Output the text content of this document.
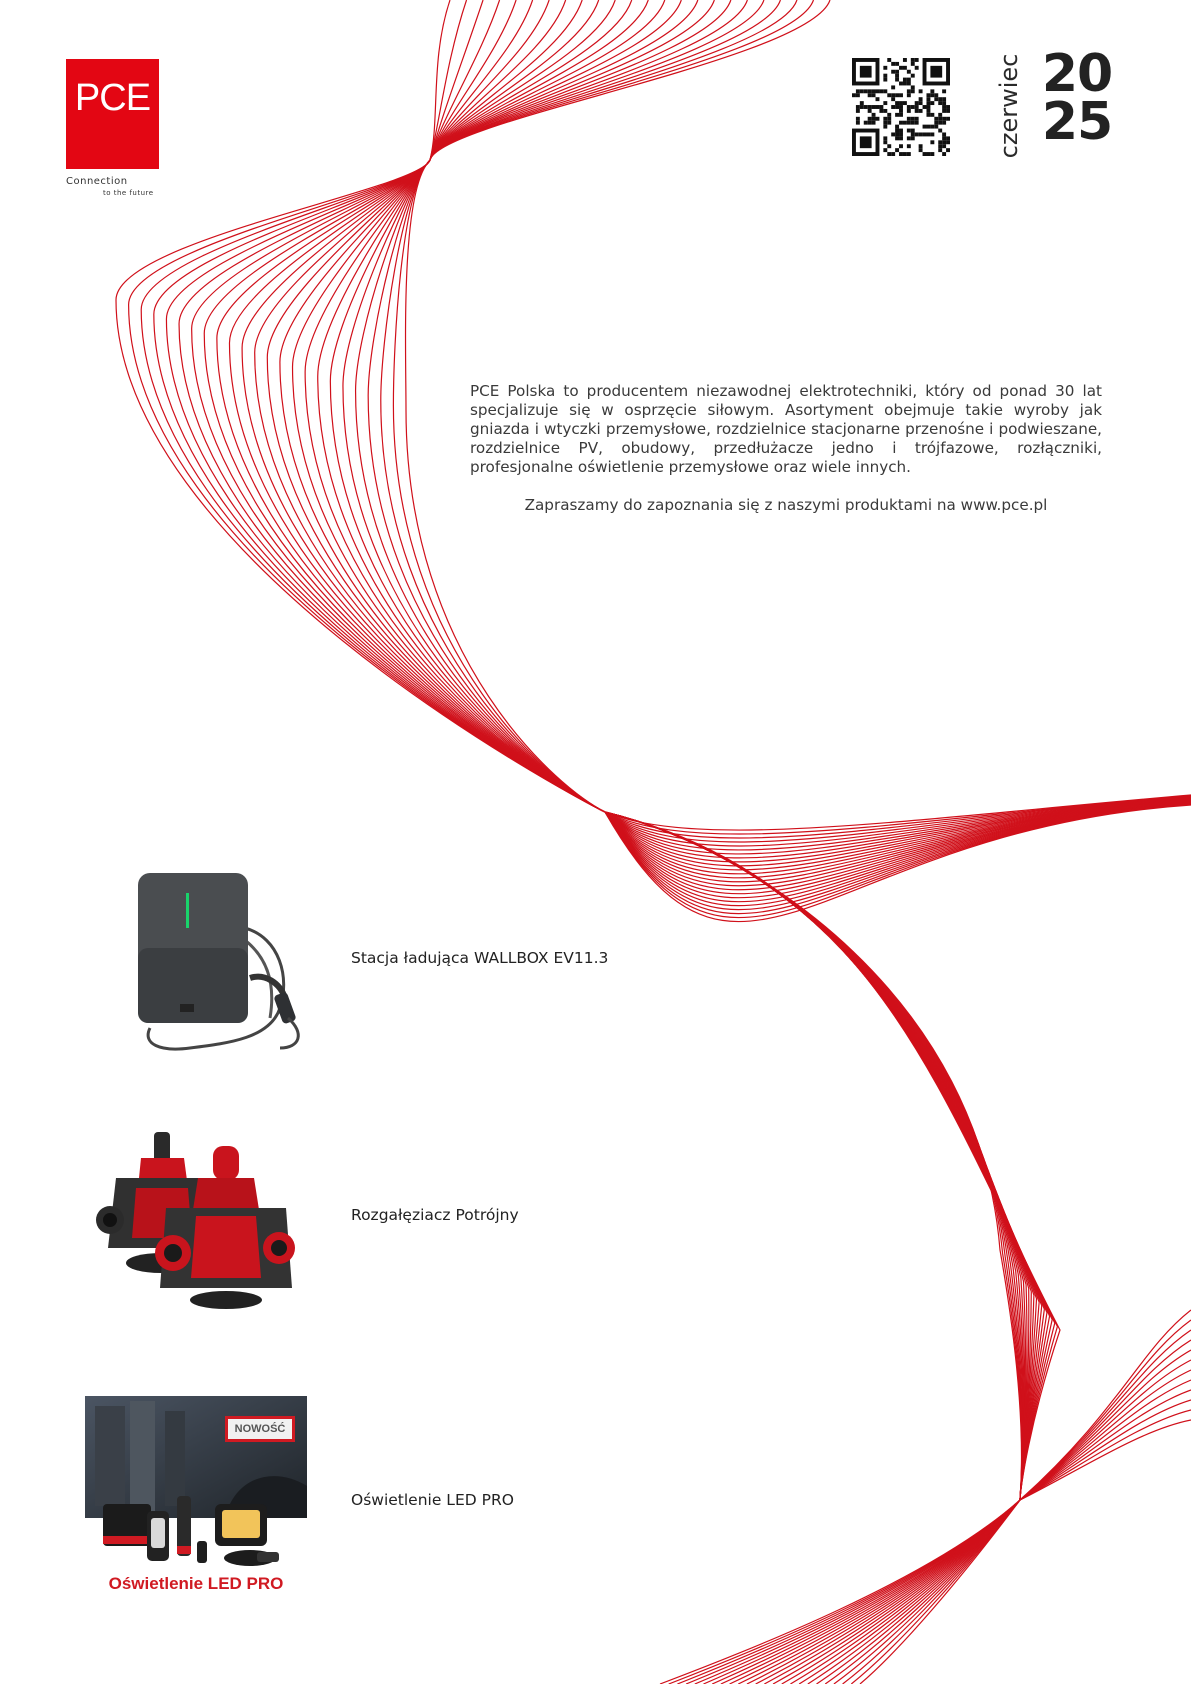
PCE
Connection
to the future
czerwiec 20
25
PCE Polska to producentem niezawodnej elektrotechniki, który od ponad 30 lat specjalizuje się w osprzęcie siłowym. Asortyment obejmuje takie wyroby jak gniazda i wtyczki przemysłowe, rozdzielnice stacjonarne przenośne i podwieszane, rozdzielnice PV, obudowy, przedłużacze jedno i trójfazowe, rozłączniki, profesjonalne oświetlenie przemysłowe oraz wiele innych.
Zapraszamy do zapoznania się z naszymi produktami na www.pce.pl
Stacja ładująca WALLBOX EV11.3
Rozgałęziacz Potrójny
NOWOŚĆ
Oświetlenie LED PRO
Oświetlenie LED PRO
